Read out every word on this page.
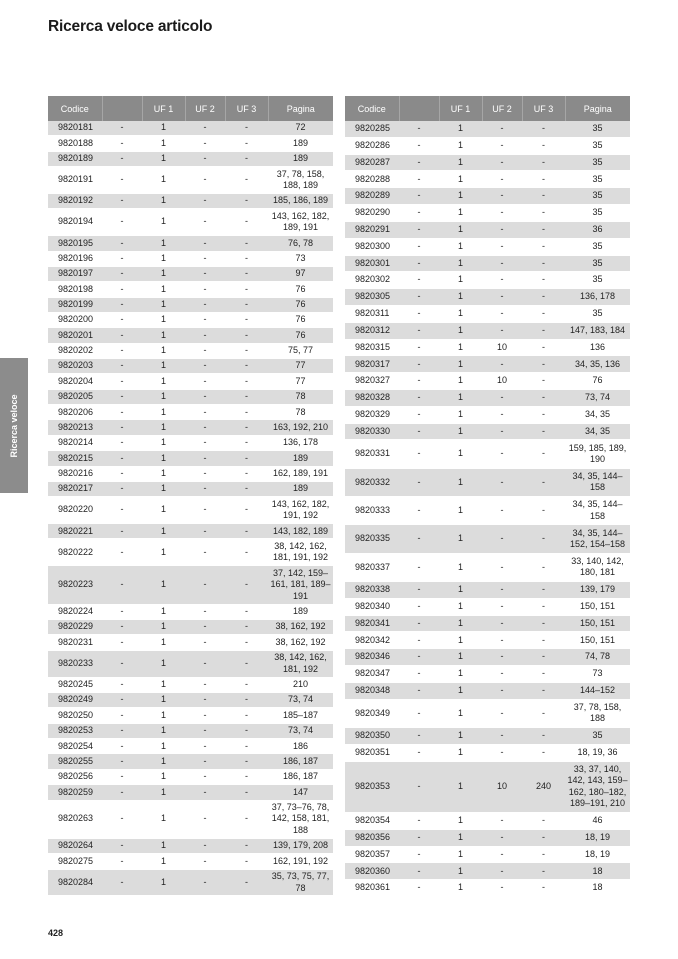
Ricerca veloce articolo
Ricerca veloce
Codice		UF 1	UF 2	UF 3	Pagina
9820181	-	1	-	-	72
9820188	-	1	-	-	189
9820189	-	1	-	-	189
9820191	-	1	-	-	37, 78, 158, 188, 189
9820192	-	1	-	-	185, 186, 189
9820194	-	1	-	-	143, 162, 182, 189, 191
9820195	-	1	-	-	76, 78
9820196	-	1	-	-	73
9820197	-	1	-	-	97
9820198	-	1	-	-	76
9820199	-	1	-	-	76
9820200	-	1	-	-	76
9820201	-	1	-	-	76
9820202	-	1	-	-	75, 77
9820203	-	1	-	-	77
9820204	-	1	-	-	77
9820205	-	1	-	-	78
9820206	-	1	-	-	78
9820213	-	1	-	-	163, 192, 210
9820214	-	1	-	-	136, 178
9820215	-	1	-	-	189
9820216	-	1	-	-	162, 189, 191
9820217	-	1	-	-	189
9820220	-	1	-	-	143, 162, 182, 191, 192
9820221	-	1	-	-	143, 182, 189
9820222	-	1	-	-	38, 142, 162, 181, 191, 192
9820223	-	1	-	-	37, 142, 159–161, 181, 189–191
9820224	-	1	-	-	189
9820229	-	1	-	-	38, 162, 192
9820231	-	1	-	-	38, 162, 192
9820233	-	1	-	-	38, 142, 162, 181, 192
9820245	-	1	-	-	210
9820249	-	1	-	-	73, 74
9820250	-	1	-	-	185–187
9820253	-	1	-	-	73, 74
9820254	-	1	-	-	186
9820255	-	1	-	-	186, 187
9820256	-	1	-	-	186, 187
9820259	-	1	-	-	147
9820263	-	1	-	-	37, 73–76, 78, 142, 158, 181, 188
9820264	-	1	-	-	139, 179, 208
9820275	-	1	-	-	162, 191, 192
9820284	-	1	-	-	35, 73, 75, 77, 78
Codice		UF 1	UF 2	UF 3	Pagina
9820285	-	1	-	-	35
9820286	-	1	-	-	35
9820287	-	1	-	-	35
9820288	-	1	-	-	35
9820289	-	1	-	-	35
9820290	-	1	-	-	35
9820291	-	1	-	-	36
9820300	-	1	-	-	35
9820301	-	1	-	-	35
9820302	-	1	-	-	35
9820305	-	1	-	-	136, 178
9820311	-	1	-	-	35
9820312	-	1	-	-	147, 183, 184
9820315	-	1	10	-	136
9820317	-	1	-	-	34, 35, 136
9820327	-	1	10	-	76
9820328	-	1	-	-	73, 74
9820329	-	1	-	-	34, 35
9820330	-	1	-	-	34, 35
9820331	-	1	-	-	159, 185, 189, 190
9820332	-	1	-	-	34, 35, 144–158
9820333	-	1	-	-	34, 35, 144–158
9820335	-	1	-	-	34, 35, 144–152, 154–158
9820337	-	1	-	-	33, 140, 142, 180, 181
9820338	-	1	-	-	139, 179
9820340	-	1	-	-	150, 151
9820341	-	1	-	-	150, 151
9820342	-	1	-	-	150, 151
9820346	-	1	-	-	74, 78
9820347	-	1	-	-	73
9820348	-	1	-	-	144–152
9820349	-	1	-	-	37, 78, 158, 188
9820350	-	1	-	-	35
9820351	-	1	-	-	18, 19, 36
9820353	-	1	10	240	33, 37, 140, 142, 143, 159–162, 180–182, 189–191, 210
9820354	-	1	-	-	46
9820356	-	1	-	-	18, 19
9820357	-	1	-	-	18, 19
9820360	-	1	-	-	18
9820361	-	1	-	-	18
428
